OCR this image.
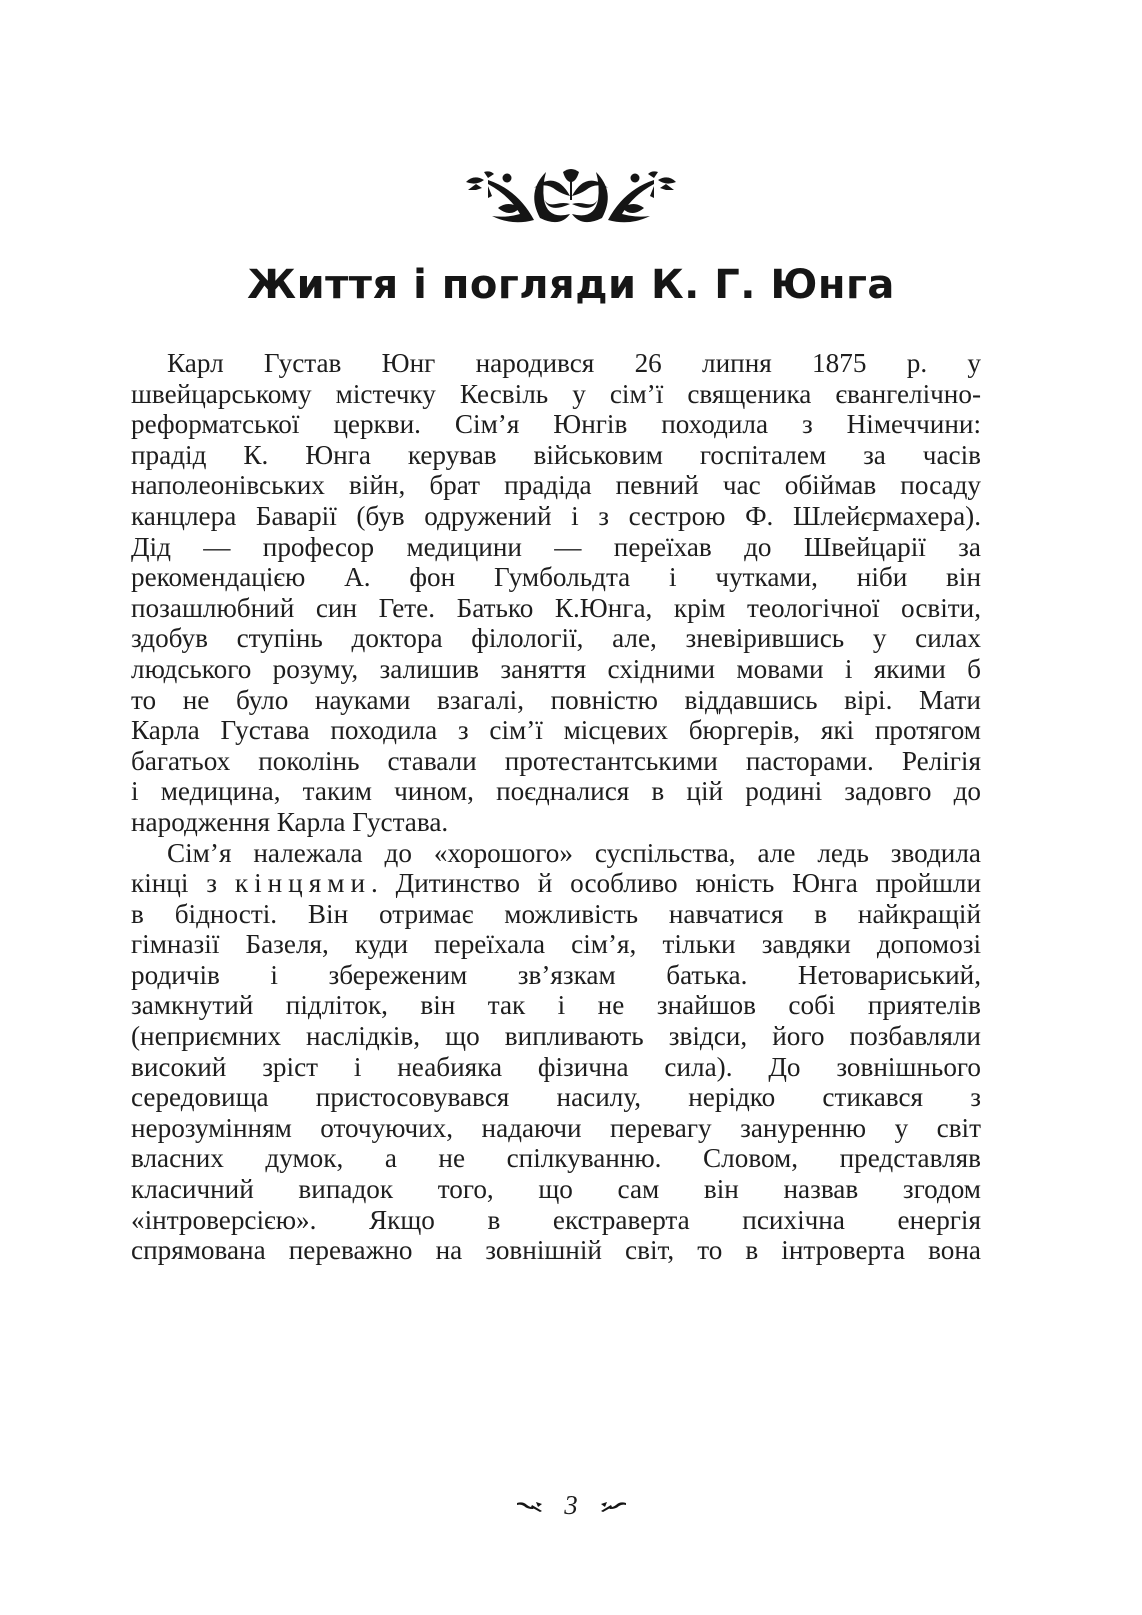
Життя і погляди К. Г. Юнга
Карл Густав Юнг народився 26 липня 1875 р. у
швейцарському містечку Кесвіль у сім’ї священика євангелічно-
реформатської церкви. Сім’я Юнгів походила з Німеччини:
прадід К. Юнга керував військовим госпіталем за часів
наполеонівських війн, брат прадіда певний час обіймав посаду
канцлера Баварії (був одружений і з сестрою Ф. Шлейєрмахера).
Дід — професор медицини — переїхав до Швейцарії за
рекомендацією А. фон Гумбольдта і чутками, ніби він
позашлюбний син Гете. Батько К.Юнга, крім теологічної освіти,
здобув ступінь доктора філології, але, зневірившись у силах
людського розуму, залишив заняття східними мовами і якими б
то не було науками взагалі, повністю віддавшись вірі. Мати
Карла Густава походила з сім’ї місцевих бюргерів, які протягом
багатьох поколінь ставали протестантськими пасторами. Релігія
і медицина, таким чином, поєдналися в цій родині задовго до
народження Карла Густава.
Сім’я належала до «хорошого» суспільства, але ледь зводила
кінці з кінцями. Дитинство й особливо юність Юнга пройшли
в бідності. Він отримає можливість навчатися в найкращій
гімназії Базеля, куди переїхала сім’я, тільки завдяки допомозі
родичів і збереженим зв’язкам батька. Нетовариський,
замкнутий підліток, він так і не знайшов собі приятелів
(неприємних наслідків, що випливають звідси, його позбавляли
високий зріст і неабияка фізична сила). До зовнішнього
середовища пристосовувався насилу, нерідко стикався з
нерозумінням оточуючих, надаючи перевагу зануренню у світ
власних думок, а не спілкуванню. Словом, представляв
класичний випадок того, що сам він назвав згодом
«інтроверсією». Якщо в екстраверта психічна енергія
спрямована переважно на зовнішній світ, то в інтроверта вона
3
